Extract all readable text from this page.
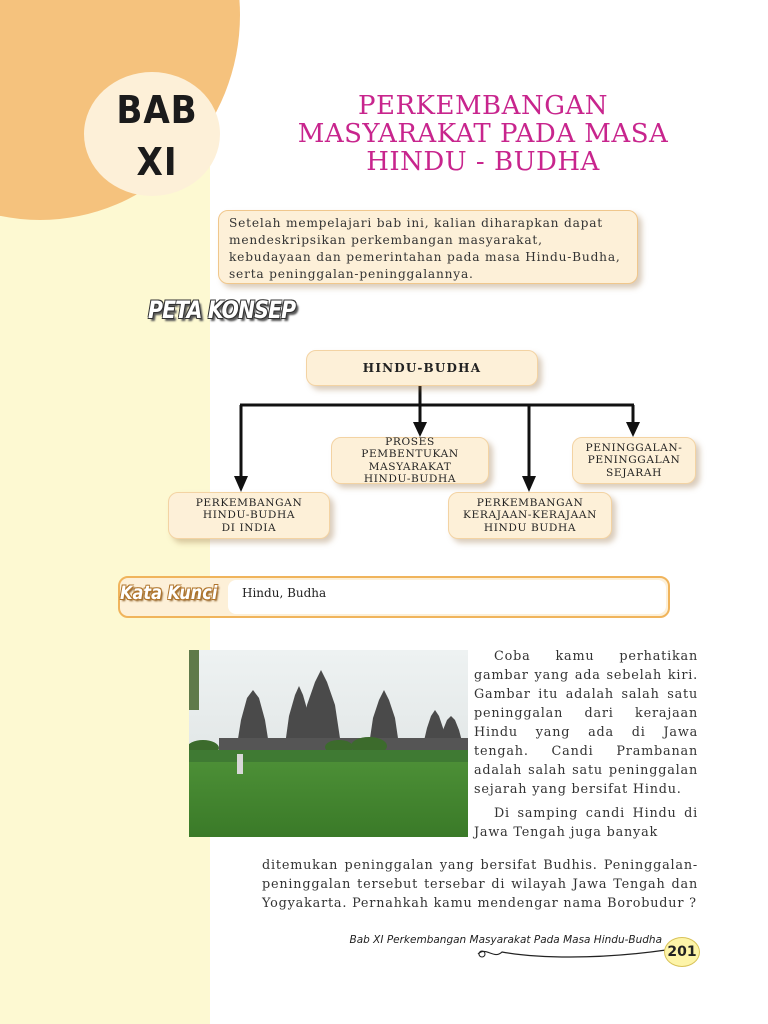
BAB
XI
PERKEMBANGAN
MASYARAKAT PADA MASA
HINDU - BUDHA
Setelah mempelajari bab ini, kalian diharapkan dapat mendeskripsikan perkembangan masyarakat, kebudayaan dan pemerintahan pada masa Hindu-Budha, serta peninggalan-peninggalannya.
PETA KONSEP
HINDU-BUDHA
PROSES PEMBENTUKAN
MASYARAKAT
HINDU-BUDHA
PENINGGALAN-
PENINGGALAN
SEJARAH
PERKEMBANGAN
HINDU-BUDHA
DI INDIA
PERKEMBANGAN
KERAJAAN-KERAJAAN
HINDU BUDHA
Kata Kunci Hindu, Budha

Coba kamu perhatikan gambar yang ada sebelah kiri. Gambar itu adalah salah satu peninggalan dari kerajaan Hindu yang ada di Jawa tengah. Candi Prambanan adalah salah satu peninggalan sejarah yang bersifat Hindu.

Di samping candi Hindu di Jawa Tengah juga banyak

ditemukan peninggalan yang bersifat Budhis. Peninggalan-peninggalan tersebut tersebar di wilayah Jawa Tengah dan Yogyakarta. Pernahkah kamu mendengar nama Borobudur ?

Bab XI Perkembangan Masyarakat Pada Masa Hindu-Budha
201
